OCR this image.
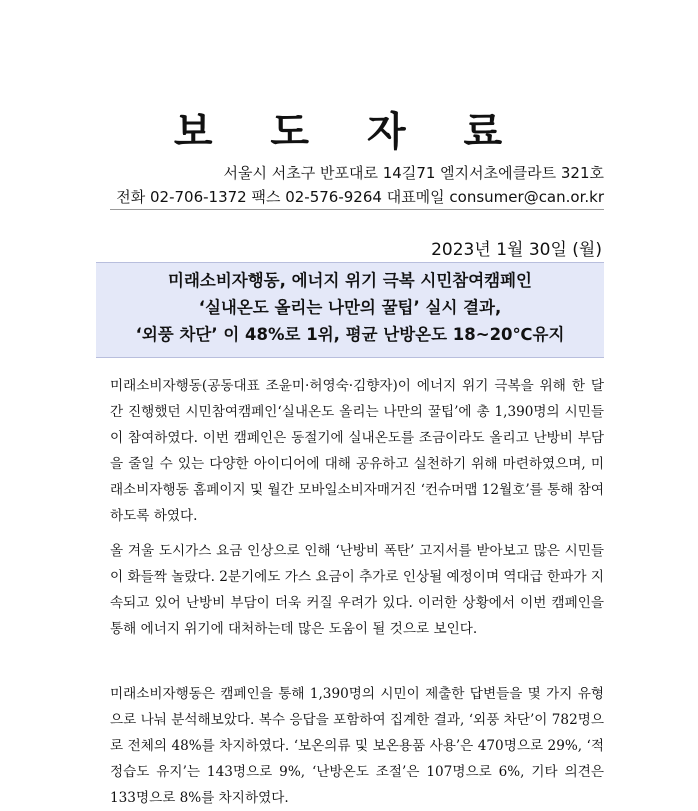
보 도 자 료
서울시 서초구 반포대로 14길71 엘지서초에클라트 321호
전화 02-706-1372 팩스 02-576-9264 대표메일 consumer@can.or.kr
2023년 1월 30일 (월)
미래소비자행동, 에너지 위기 극복 시민참여캠페인
‘실내온도 올리는 나만의 꿀팁’ 실시 결과,
‘외풍 차단’ 이 48%로 1위, 평균 난방온도 18~20℃유지
미래소비자행동(공동대표 조윤미·허영숙·김향자)이 에너지 위기 극복을 위해 한 달간 진행했던 시민참여캠페인‘실내온도 올리는 나만의 꿀팁’에 총 1,390명의 시민들이 참여하였다. 이번 캠페인은 동절기에 실내온도를 조금이라도 올리고 난방비 부담을 줄일 수 있는 다양한 아이디어에 대해 공유하고 실천하기 위해 마련하였으며, 미래소비자행동 홈페이지 및 월간 모바일소비자매거진 ‘컨슈머맵 12월호’를 통해 참여하도록 하였다.
올 겨울 도시가스 요금 인상으로 인해 ‘난방비 폭탄’ 고지서를 받아보고 많은 시민들이 화들짝 놀랐다. 2분기에도 가스 요금이 추가로 인상될 예정이며 역대급 한파가 지속되고 있어 난방비 부담이 더욱 커질 우려가 있다. 이러한 상황에서 이번 캠페인을 통해 에너지 위기에 대처하는데 많은 도움이 될 것으로 보인다.
미래소비자행동은 캠페인을 통해 1,390명의 시민이 제출한 답변들을 몇 가지 유형으로 나눠 분석해보았다. 복수 응답을 포함하여 집계한 결과, ‘외풍 차단’이 782명으로 전체의 48%를 차지하였다. ‘보온의류 및 보온용품 사용’은 470명으로 29%, ‘적정습도 유지’는 143명으로 9%, ‘난방온도 조절’은 107명으로 6%, 기타 의견은 133명으로 8%를 차지하였다.
